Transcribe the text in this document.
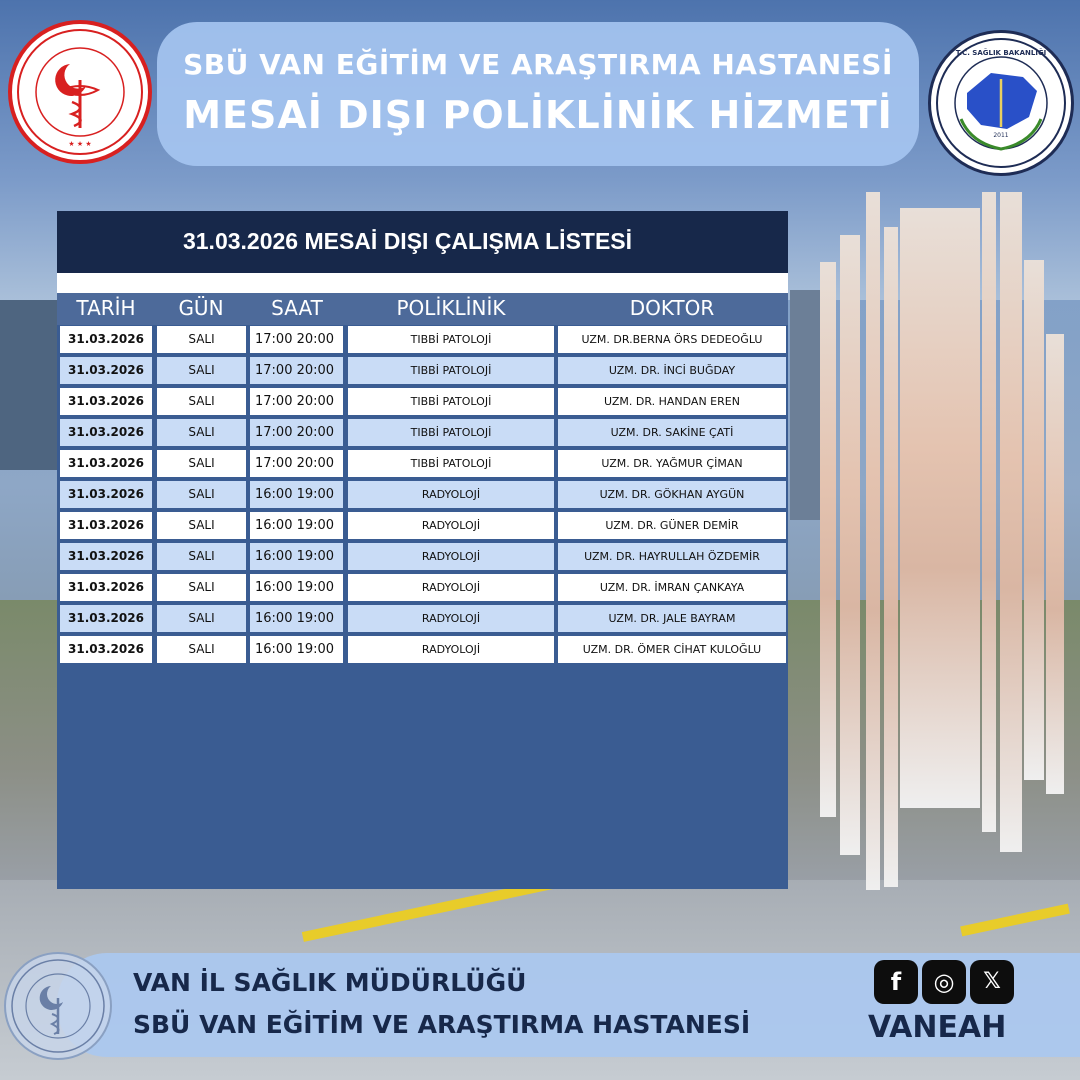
★ ★ ★
SBÜ VAN EĞİTİM VE ARAŞTIRMA HASTANESİ
MESAİ DIŞI POLİKLİNİK HİZMETİ	2011
T.C. SAĞLIK BAKANLIĞI
31.03.2026 MESAİ DIŞI ÇALIŞMA LİSTESİ
TARİH	GÜN	SAAT	POLİKLİNİK	DOKTOR
31.03.2026	SALI	17:00 20:00	TIBBİ PATOLOJİ	UZM. DR.BERNA ÖRS DEDEOĞLU
31.03.2026	SALI	17:00 20:00	TIBBİ PATOLOJİ	UZM. DR. İNCİ BUĞDAY
31.03.2026	SALI	17:00 20:00	TIBBİ PATOLOJİ	UZM. DR. HANDAN EREN
31.03.2026	SALI	17:00 20:00	TIBBİ PATOLOJİ	UZM. DR. SAKİNE ÇATİ
31.03.2026	SALI	17:00 20:00	TIBBİ PATOLOJİ	UZM. DR. YAĞMUR ÇİMAN
31.03.2026	SALI	16:00 19:00	RADYOLOJİ	UZM. DR. GÖKHAN AYGÜN
31.03.2026	SALI	16:00 19:00	RADYOLOJİ	UZM. DR. GÜNER DEMİR
31.03.2026	SALI	16:00 19:00	RADYOLOJİ	UZM. DR. HAYRULLAH ÖZDEMİR
31.03.2026	SALI	16:00 19:00	RADYOLOJİ	UZM. DR. İMRAN ÇANKAYA
31.03.2026	SALI	16:00 19:00	RADYOLOJİ	UZM. DR. JALE BAYRAM
31.03.2026	SALI	16:00 19:00	RADYOLOJİ	UZM. DR. ÖMER CİHAT KULOĞLU
VAN İL SAĞLIK MÜDÜRLÜĞÜ
SBÜ VAN EĞİTİM VE ARAŞTIRMA HASTANESİ
f	◎	𝕏
VANEAH
